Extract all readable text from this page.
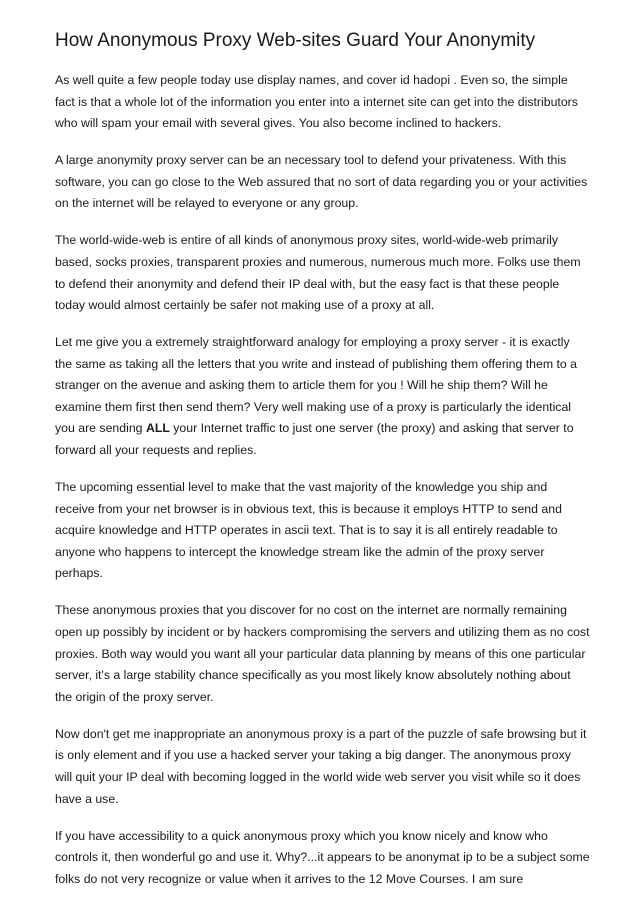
How Anonymous Proxy Web-sites Guard Your Anonymity

As well quite a few people today use display names, and cover id hadopi . Even so, the simple fact is that a whole lot of the information you enter into a internet site can get into the distributors who will spam your email with several gives. You also become inclined to hackers.

A large anonymity proxy server can be an necessary tool to defend your privateness. With this software, you can go close to the Web assured that no sort of data regarding you or your activities on the internet will be relayed to everyone or any group.

The world-wide-web is entire of all kinds of anonymous proxy sites, world-wide-web primarily based, socks proxies, transparent proxies and numerous, numerous much more. Folks use them to defend their anonymity and defend their IP deal with, but the easy fact is that these people today would almost certainly be safer not making use of a proxy at all.

Let me give you a extremely straightforward analogy for employing a proxy server - it is exactly the same as taking all the letters that you write and instead of publishing them offering them to a stranger on the avenue and asking them to article them for you ! Will he ship them? Will he examine them first then send them? Very well making use of a proxy is particularly the identical you are sending ALL your Internet traffic to just one server (the proxy) and asking that server to forward all your requests and replies.

The upcoming essential level to make that the vast majority of the knowledge you ship and receive from your net browser is in obvious text, this is because it employs HTTP to send and acquire knowledge and HTTP operates in ascii text. That is to say it is all entirely readable to anyone who happens to intercept the knowledge stream like the admin of the proxy server perhaps.

These anonymous proxies that you discover for no cost on the internet are normally remaining open up possibly by incident or by hackers compromising the servers and utilizing them as no cost proxies. Both way would you want all your particular data planning by means of this one particular server, it's a large stability chance specifically as you most likely know absolutely nothing about the origin of the proxy server.

Now don't get me inappropriate an anonymous proxy is a part of the puzzle of safe browsing but it is only element and if you use a hacked server your taking a big danger. The anonymous proxy will quit your IP deal with becoming logged in the world wide web server you visit while so it does have a use.

If you have accessibility to a quick anonymous proxy which you know nicely and know who controls it, then wonderful go and use it. Why?...it appears to be anonymat ip to be a subject some folks do not very recognize or value when it arrives to the 12 Move Courses. I am sure
